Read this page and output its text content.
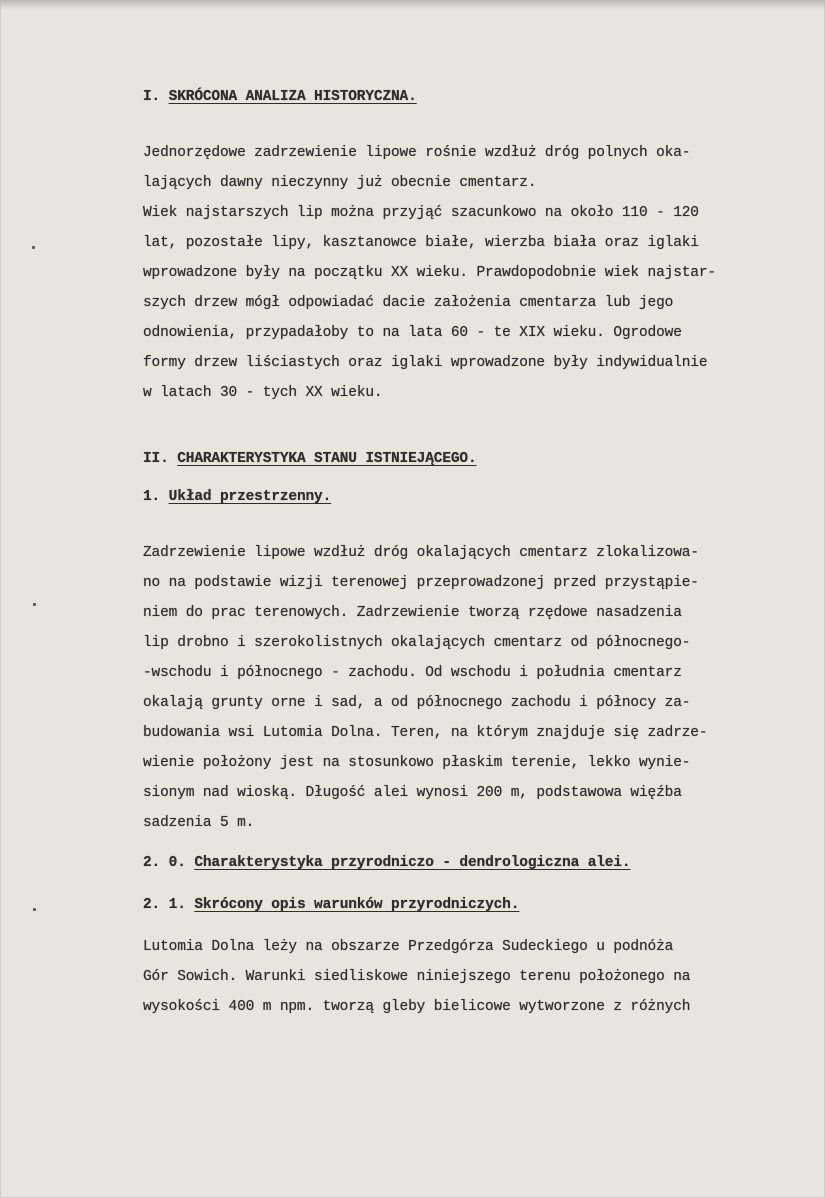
I. SKRÓCONA ANALIZA HISTORYCZNA.
Jednorzędowe zadrzewienie lipowe rośnie wzdłuż dróg polnych oka-
lających dawny nieczynny już obecnie cmentarz.
Wiek najstarszych lip można przyjąć szacunkowo na około 110 - 120
lat, pozostałe lipy, kasztanowce białe, wierzba biała oraz iglaki
wprowadzone były na początku XX wieku. Prawdopodobnie wiek najstar-
szych drzew mógł odpowiadać dacie założenia cmentarza lub jego
odnowienia, przypadałoby to na lata 60 - te XIX wieku. Ogrodowe
formy drzew liściastych oraz iglaki wprowadzone były indywidualnie
w latach 30 - tych XX wieku.
II. CHARAKTERYSTYKA STANU ISTNIEJĄCEGO.
1. Układ przestrzenny.
Zadrzewienie lipowe wzdłuż dróg okalających cmentarz zlokalizowa-
no na podstawie wizji terenowej przeprowadzonej przed przystąpie-
niem do prac terenowych. Zadrzewienie tworzą rzędowe nasadzenia
lip drobno i szerokolistnych okalających cmentarz od północnego-
-wschodu i północnego - zachodu. Od wschodu i południa cmentarz
okalają grunty orne i sad, a od północnego zachodu i północy za-
budowania wsi Lutomia Dolna. Teren, na którym znajduje się zadrze-
wienie położony jest na stosunkowo płaskim terenie, lekko wynie-
sionym nad wioską. Długość alei wynosi 200 m, podstawowa więźba
sadzenia 5 m.
2. 0. Charakterystyka przyrodniczo - dendrologiczna alei.
2. 1. Skrócony opis warunków przyrodniczych.
Lutomia Dolna leży na obszarze Przedgórza Sudeckiego u podnóża
Gór Sowich. Warunki siedliskowe niniejszego terenu położonego na
wysokości 400 m npm. tworzą gleby bielicowe wytworzone z różnych
